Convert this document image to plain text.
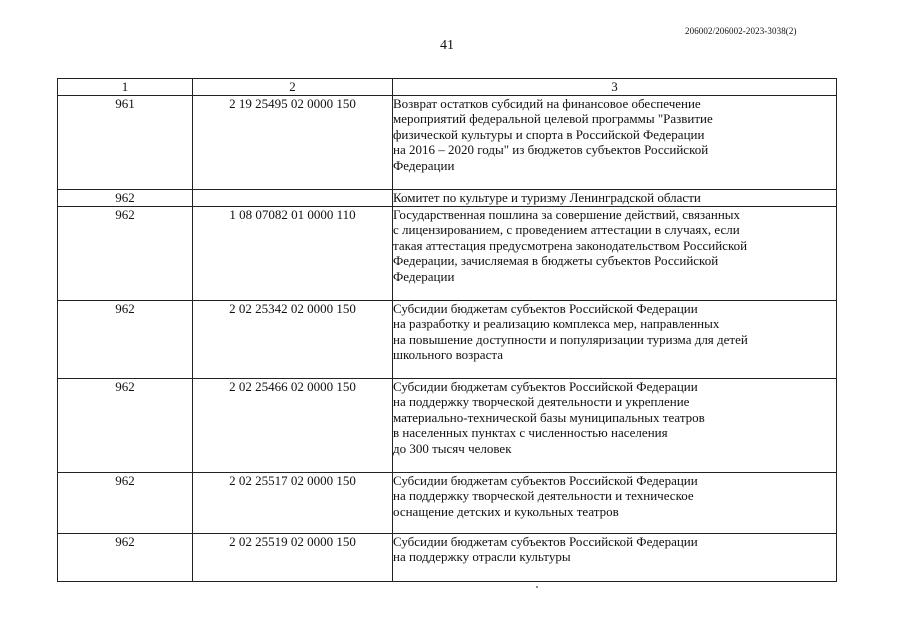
206002/206002-2023-3038(2)
41
1	2	3
961	2 19 25495 02 0000 150	Возврат остатков субсидий на финансовое обеспечение
мероприятий федеральной целевой программы "Развитие
физической культуры и спорта в Российской Федерации
на 2016 – 2020 годы" из бюджетов субъектов Российской
Федерации

962		Комитет по культуре и туризму Ленинградской области

962	1 08 07082 01 0000 110	Государственная пошлина за совершение действий, связанных
с лицензированием, с проведением аттестации в случаях, если
такая аттестация предусмотрена законодательством Российской
Федерации, зачисляемая в бюджеты субъектов Российской
Федерации

962	2 02 25342 02 0000 150	Субсидии бюджетам субъектов Российской Федерации
на разработку и реализацию комплекса мер, направленных
на повышение доступности и популяризации туризма для детей
школьного возраста

962	2 02 25466 02 0000 150	Субсидии бюджетам субъектов Российской Федерации
на поддержку творческой деятельности и укрепление
материально-технической базы муниципальных театров
в населенных пунктах с численностью населения
до 300 тысяч человек

962	2 02 25517 02 0000 150	Субсидии бюджетам субъектов Российской Федерации
на поддержку творческой деятельности и техническое
оснащение детских и кукольных театров

962	2 02 25519 02 0000 150	Субсидии бюджетам субъектов Российской Федерации
на поддержку отрасли культуры
